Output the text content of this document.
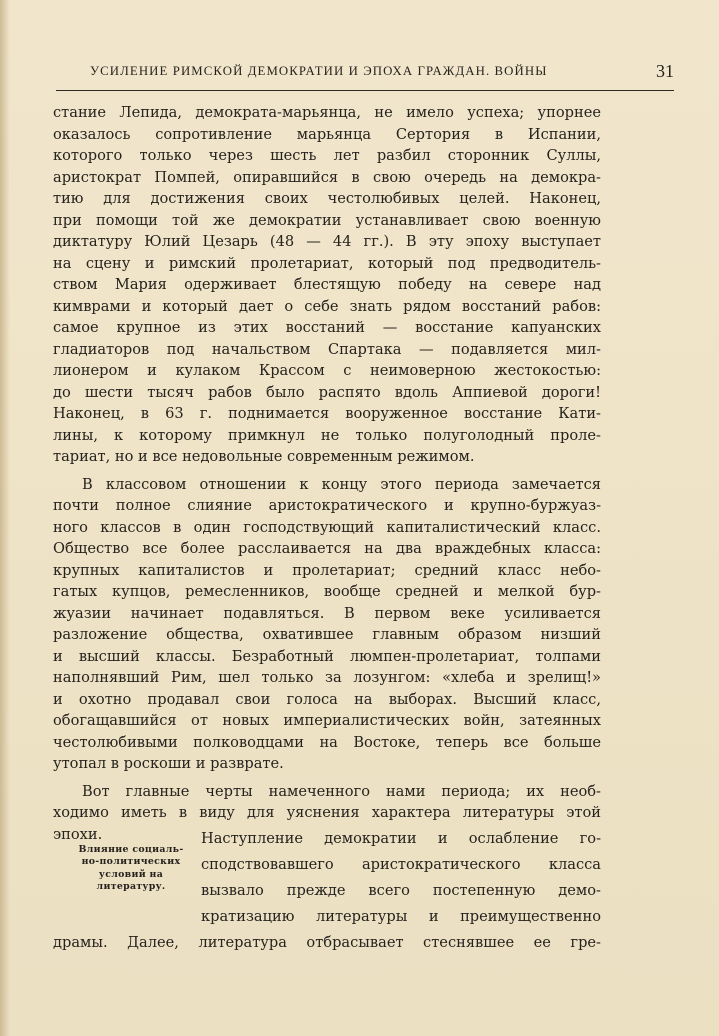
УСИЛЕНИЕ РИМСКОЙ ДЕМОКРАТИИ И ЭПОХА ГРАЖДАН. ВОЙНЫ	31
стание Лепида, демократа-марьянца, не имело успеха; упорнее
оказалось сопротивление марьянца Сертория в Испании,
которого только через шесть лет разбил сторонник Суллы,
аристократ Помпей, опиравшийся в свою очередь на демокра-
тию для достижения своих честолюбивых целей. Наконец,
при помощи той же демократии устанавливает свою военную
диктатуру Юлий Цезарь (48 — 44 гг.). В эту эпоху выступает
на сцену и римский пролетариат, который под предводитель-
ством Мария одерживает блестящую победу на севере над
кимврами и который дает о себе знать рядом восстаний рабов:
самое крупное из этих восстаний — восстание капуанских
гладиаторов под начальством Спартака — подавляется мил-
лионером и кулаком Крассом с неимоверною жестокостью:
до шести тысяч рабов было распято вдоль Аппиевой дороги!
Наконец, в 63 г. поднимается вооруженное восстание Кати-
лины, к которому примкнул не только полуголодный проле-
тариат, но и все недовольные современным режимом.
В классовом отношении к концу этого периода замечается
почти полное слияние аристократического и крупно-буржуаз-
ного классов в один господствующий капиталистический класс.
Общество все более расслаивается на два враждебных класса:
крупных капиталистов и пролетариат; средний класс небо-
гатых купцов, ремесленников, вообще средней и мелкой бур-
жуазии начинает подавляться. В первом веке усиливается
разложение общества, охватившее главным образом низший
и высший классы. Безработный люмпен-пролетариат, толпами
наполнявший Рим, шел только за лозунгом: «хлеба и зрелищ!»
и охотно продавал свои голоса на выборах. Высший класс,
обогащавшийся от новых империалистических войн, затеянных
честолюбивыми полководцами на Востоке, теперь все больше
утопал в роскоши и разврате.
Вот главные черты намеченного нами периода; их необ-
ходимо иметь в виду для уяснения характера литературы этой
эпохи.
Влияние социаль-
но-политических
условий на
литературу.
Наступление демократии и ослабление го-
сподствовавшего аристократического класса
вызвало прежде всего постепенную демо-
кратизацию литературы и преимущественно
драмы. Далее, литература отбрасывает стеснявшее ее гре-
